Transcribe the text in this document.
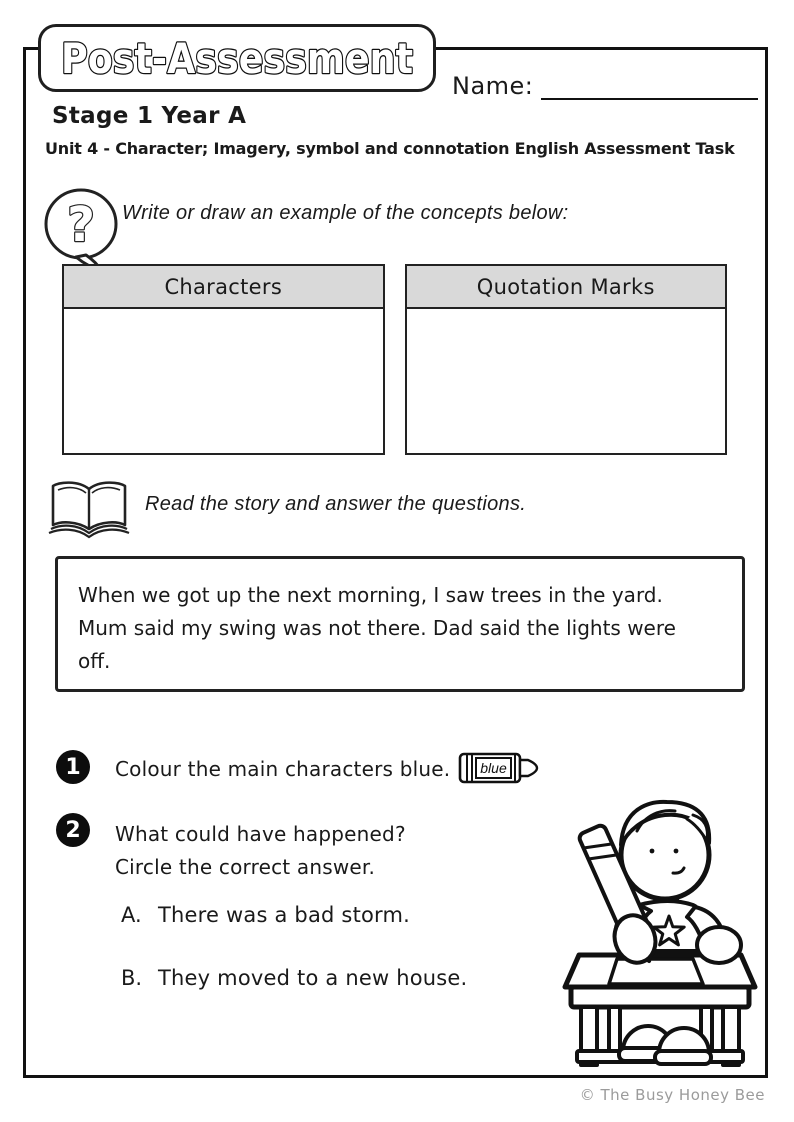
Post-Assessment
Name:
Stage 1 Year A
Unit 4 - Character; Imagery, symbol and connotation English Assessment Task
? Write or draw an example of the concepts below:
Characters	Quotation Marks
Read the story and answer the questions.
When we got up the next morning, I saw trees in the yard.
Mum said my swing was not there. Dad said the lights were
off.
1	Colour the main characters blue. blue
2	What could have happened?
Circle the correct answer.
A. There was a bad storm.
B. They moved to a new house.
© The Busy Honey Bee
